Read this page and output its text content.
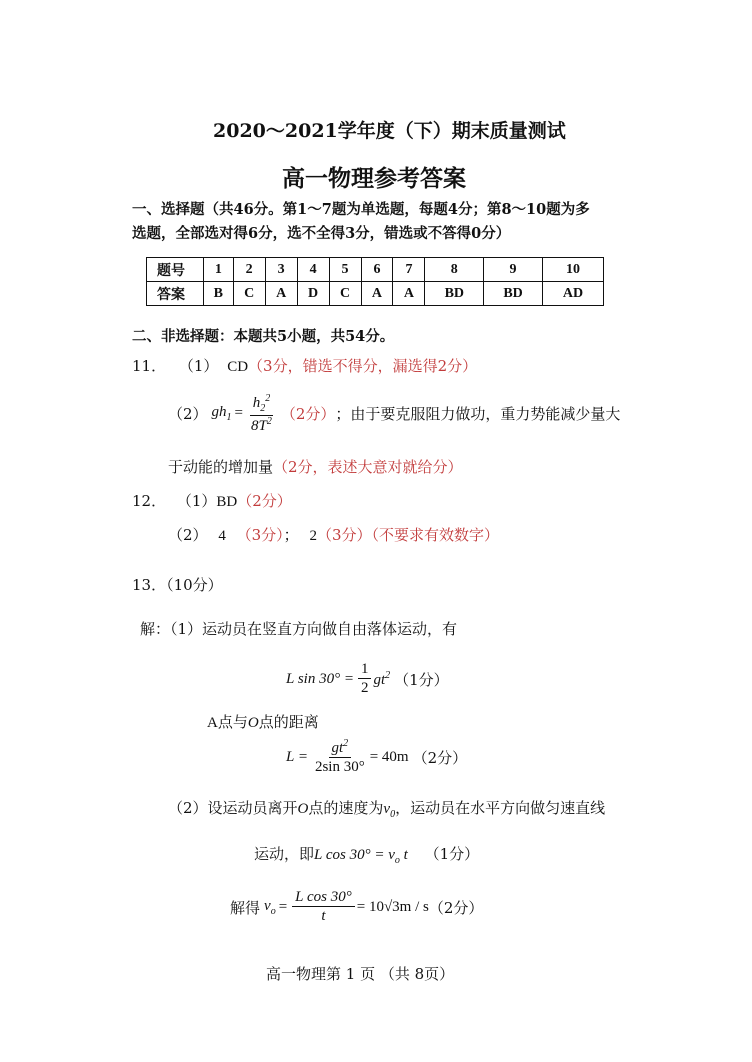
2020～2021学年度（下）期末质量测试
高一物理参考答案
一、选择题（共46分。第1～7题为单选题，每题4分；第8～10题为多
选题，全部选对得6分，选不全得3分，错选或不答得0分）
题号	1	2	3	4	5	6	7	8	9	10
答案	B	C	A	D	C	A	A	BD	BD	AD
二、非选择题：本题共5小题，共54分。
11． （1） CD（3分，错选不得分，漏选得2分）
（2） $gh_1 = \frac{h_2^2}{8T^2} (2$分） ；由于要克服阻力做功，重力势能减少量大
于动能的增加量（2分，表述大意对就给分）
12． （1）BD（2分）
（2） 4 （3分）； 2（3分）（不要求有效数字）
13．（10分）
解：（1）运动员在竖直方向做自由落体运动，有
L $\sin 30^\circ = \frac{1}{2} gt^2$ （1分）
A点与O点的距离
$L = \frac{gt^2}{2\sin 30^\circ} = 40m$ （2分）
（2）设运动员离开O点的速度为$v_0$，运动员在水平方向做匀速直线
运动，即L $\cos 30^\circ = v_o$ t （1分）
解得 $v_o = \frac{\text{L cos 30°}}{t} = 10√3m / s$ （2分）
高一物理第 1 页 （共 8页）
